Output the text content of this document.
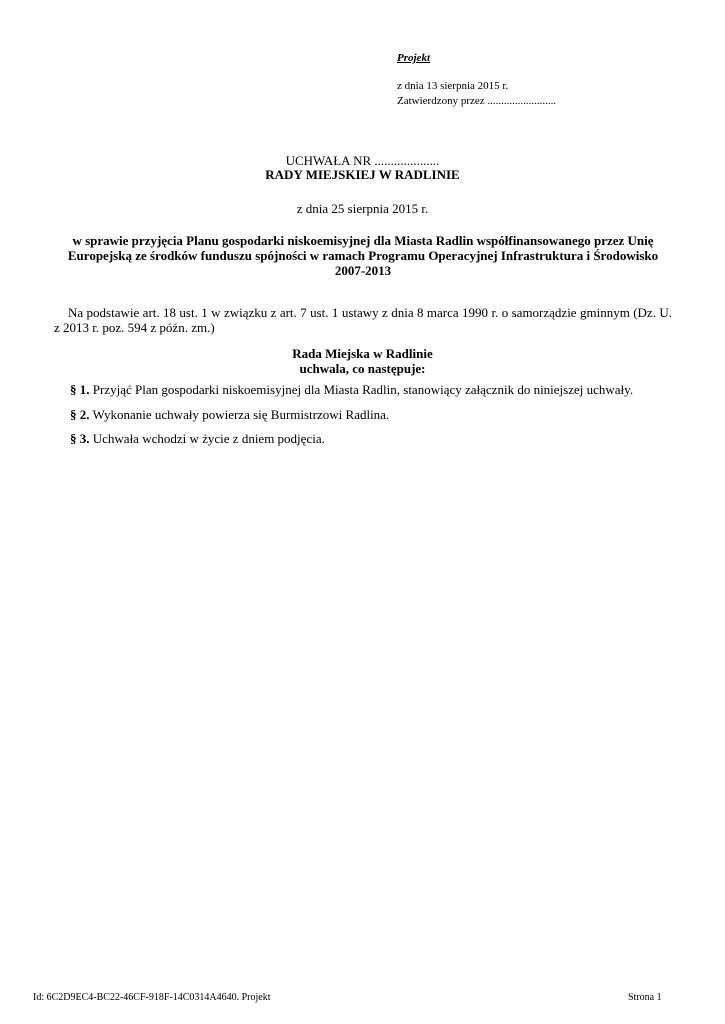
Projekt

z dnia 13 sierpnia 2015 r.

Zatwierdzony przez .........................

UCHWAŁA NR ....................

RADY MIEJSKIEJ W RADLINIE

z dnia 25 sierpnia 2015 r.

w sprawie przyjęcia Planu gospodarki niskoemisyjnej dla Miasta Radlin współfinansowanego przez Unię Europejską ze środków funduszu spójności w ramach Programu Operacyjnej Infrastruktura i Środowisko 2007-2013

Na podstawie art. 18 ust. 1 w związku z art. 7 ust. 1 ustawy z dnia 8 marca 1990 r. o samorządzie gminnym (Dz. U. z 2013 r. poz. 594 z późn. zm.)

Rada Miejska w Radlinie

uchwala, co następuje:

§ 1. Przyjąć Plan gospodarki niskoemisyjnej dla Miasta Radlin, stanowiący załącznik do niniejszej uchwały.

§ 2. Wykonanie uchwały powierza się Burmistrzowi Radlina.

§ 3. Uchwała wchodzi w życie z dniem podjęcia.

Id: 6C2D9EC4-BC22-46CF-918F-14C0314A4640. Projekt	Strona 1
